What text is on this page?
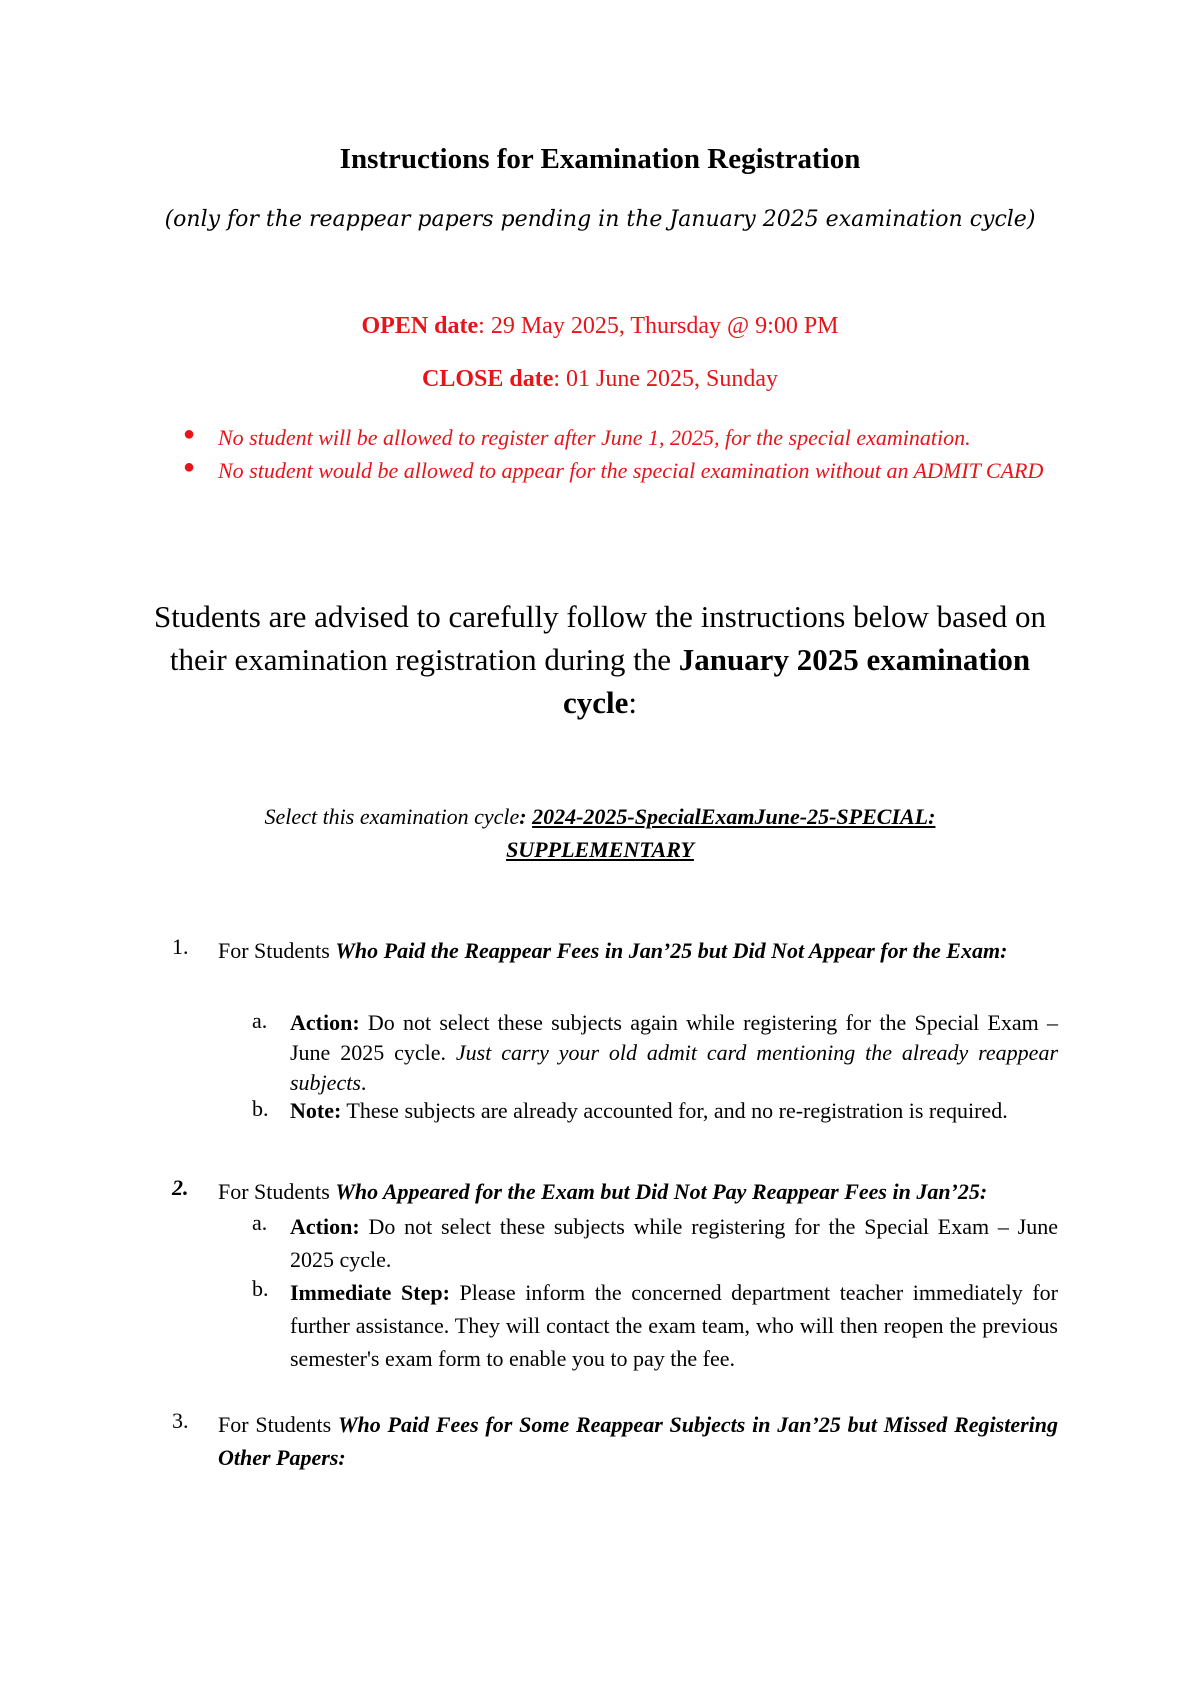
Instructions for Examination Registration
(only for the reappear papers pending in the January 2025 examination cycle)
OPEN date: 29 May 2025, Thursday @ 9:00 PM
CLOSE date: 01 June 2025, Sunday
●	No student will be allowed to register after June 1, 2025, for the special examination.
●	No student would be allowed to appear for the special examination without an ADMIT CARD
Students are advised to carefully follow the instructions below based on their examination registration during the January 2025 examination cycle:
Select this examination cycle: 2024-2025-SpecialExamJune-25-SPECIAL: SUPPLEMENTARY
1. For Students Who Paid the Reappear Fees in Jan’25 but Did Not Appear for the Exam:
a. Action: Do not select these subjects again while registering for the Special Exam – June 2025 cycle. Just carry your old admit card mentioning the already reappear subjects.
b. Note: These subjects are already accounted for, and no re-registration is required.
2. For Students Who Appeared for the Exam but Did Not Pay Reappear Fees in Jan’25:
a. Action: Do not select these subjects while registering for the Special Exam – June 2025 cycle.
b. Immediate Step: Please inform the concerned department teacher immediately for further assistance. They will contact the exam team, who will then reopen the previous semester's exam form to enable you to pay the fee.
3. For Students Who Paid Fees for Some Reappear Subjects in Jan’25 but Missed Registering Other Papers:
